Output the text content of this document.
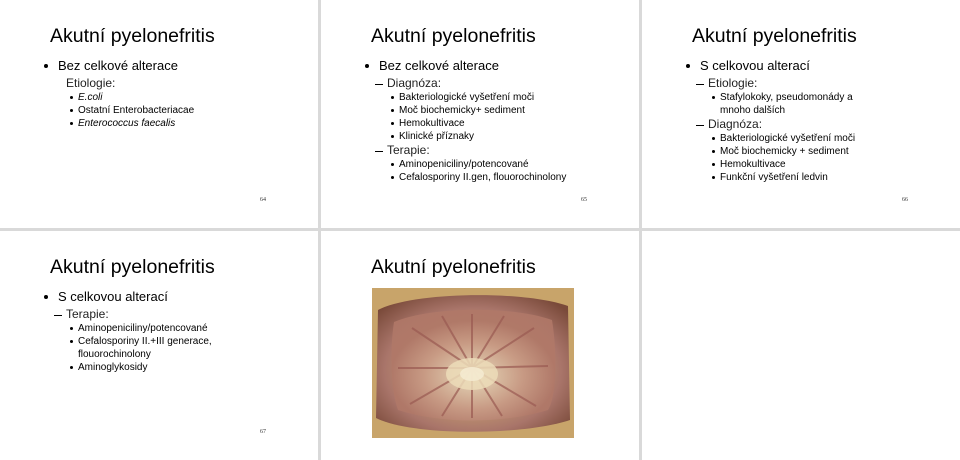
Akutní pyelonefritis
Bez celkové alterace
Etiologie:
E.coli
Ostatní Enterobacteriacae
Enterococcus faecalis
64
Akutní pyelonefritis
Bez celkové alterace
Diagnóza:
Bakteriologické vyšetření moči
Moč biochemicky+ sediment
Hemokultivace
Klinické příznaky
Terapie:
Aminopeniciliny/potencované
Cefalosporiny II.gen, flouorochinolony
65
Akutní pyelonefritis
S celkovou alterací
Etiologie:
Stafylokoky, pseudomonády a mnoho dalších
Diagnóza:
Bakteriologické vyšetření moči
Moč biochemicky + sediment
Hemokultivace
Funkční vyšetření ledvin
66
Akutní pyelonefritis
S celkovou alterací
Terapie:
Aminopeniciliny/potencované
Cefalosporiny II.+III generace, flouorochinolony
Aminoglykosidy
67
Akutní pyelonefritis
